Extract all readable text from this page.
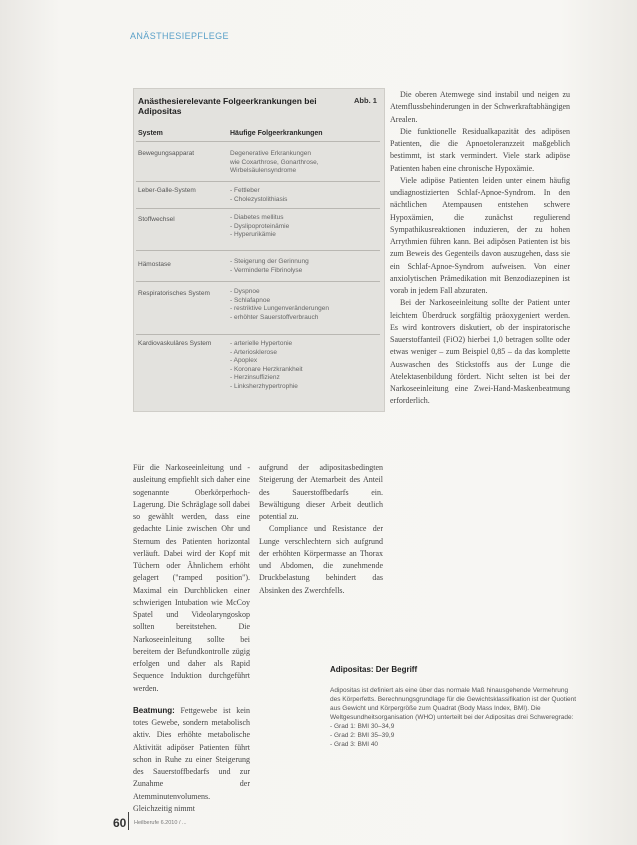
ANÄSTHESIEPFLEGE
Anästhesierelevante Folgeerkrankungen bei Adipositas
Abb. 1
System	Häufige Folgeerkrankungen
Bewegungsapparat	Degenerative Erkrankungen
wie Coxarthrose, Gonarthrose,
Wirbelsäulensyndrome
Leber-Galle-System	- Fettleber
- Cholezystolithiasis
Stoffwechsel	- Diabetes mellitus
- Dyslipoproteinämie
- Hyperurikämie
Hämostase	- Steigerung der Gerinnung
- Verminderte Fibrinolyse
Respiratorisches System	- Dyspnoe
- Schlafapnoe
- restriktive Lungenveränderungen
- erhöhter Sauerstoffverbrauch
Kardiovaskuläres System	- arterielle Hypertonie
- Arteriosklerose
- Apoplex
- Koronare Herzkrankheit
- Herzinsuffizienz
- Linksherzhypertrophie
Für die Narkoseeinleitung und -ausleitung empfiehlt sich daher eine sogenannte Oberkörperhoch-Lagerung. Die Schräglage soll dabei so gewählt werden, dass eine gedachte Linie zwischen Ohr und Sternum des Patienten horizontal verläuft. Dabei wird der Kopf mit Tüchern oder Ähnlichem erhöht gelagert ("ramped position"). Maximal ein Durchblicken einer schwierigen Intubation wie McCoy Spatel und Videolaryngoskop sollten bereitstehen. Die Narkoseeinleitung sollte bei bereitem der Befundkontrolle zügig erfolgen und daher als Rapid Sequence Induktion durchgeführt werden.
Beatmung: Fettgewebe ist kein totes Gewebe, sondern metabolisch aktiv. Dies erhöhte metabolische Aktivität adipöser Patienten führt schon in Ruhe zu einer Steigerung des Sauerstoffbedarfs und zur Zunahme der Atemminutenvolumens. Gleichzeitig nimmt
aufgrund der adipositasbedingten Steigerung der Atemarbeit des Anteil des Sauerstoffbedarfs ein. Bewältigung dieser Arbeit deutlich potential zu.
Compliance und Resistance der Lunge verschlechtern sich aufgrund der erhöhten Körpermasse an Thorax und Abdomen, die zunehmende Druckbelastung behindert das Absinken des Zwerchfells.
Die oberen Atemwege sind instabil und neigen zu Atemflussbehinderungen in der Schwerkraftabhängigen Arealen.
Die funktionelle Residualkapazität des adipösen Patienten, die die Apnoetoleranzzeit maßgeblich bestimmt, ist stark vermindert. Viele stark adipöse Patienten haben eine chronische Hypoxämie.
Viele adipöse Patienten leiden unter einem häufig undiagnostizierten Schlaf-Apnoe-Syndrom. In den nächtlichen Atempausen entstehen schwere Hypoxämien, die zunächst regulierend Sympathikusreaktionen induzieren, der zu hohen Arrythmien führen kann. Bei adipösen Patienten ist bis zum Beweis des Gegenteils davon auszugehen, dass sie ein Schlaf-Apnoe-Syndrom aufweisen. Von einer anxiolytischen Prämedikation mit Benzodiazepinen ist vorab in jedem Fall abzuraten.
Bei der Narkoseeinleitung sollte der Patient unter leichtem Überdruck sorgfältig präoxygeniert werden. Es wird kontrovers diskutiert, ob der inspiratorische Sauerstoffanteil (FiO2) hierbei 1,0 betragen sollte oder etwas weniger – zum Beispiel 0,85 – da das komplette Auswaschen des Stickstoffs aus der Lunge die Atelektasenbildung fördert. Nicht selten ist bei der Narkoseeinleitung eine Zwei-Hand-Maskenbeatmung erforderlich.
Adipositas: Der Begriff
Adipositas ist definiert als eine über das normale Maß hinausgehende Vermehrung des Körperfetts. Berechnungsgrundlage für die Gewichtsklassifikation ist der Quotient aus Gewicht und Körpergröße zum Quadrat (Body Mass Index, BMI). Die Weltgesundheitsorganisation (WHO) unterteilt bei der Adipositas drei Schweregrade:
- Grad 1: BMI 30–34,9
- Grad 2: BMI 35–39,9
- Grad 3: BMI 40
60 Heilberufe 6.2010 / ...
